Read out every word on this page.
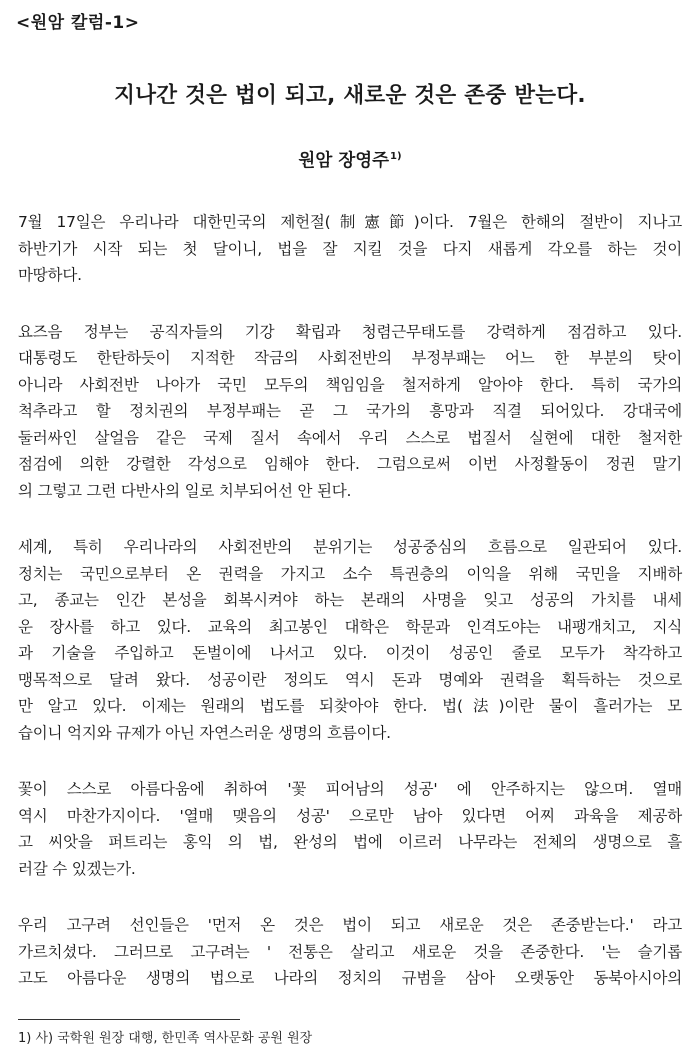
<원암 칼럼-1>
지나간 것은 법이 되고, 새로운 것은 존중 받는다.
원암 장영주$^{1)}$

7월 17일은 우리나라 대한민국의 제헌절(制憲節)이다. 7월은 한해의 절반이 지나고
하반기가 시작 되는 첫 달이니, 법을 잘 지킬 것을 다지 새롭게 각오를 하는 것이
마땅하다.

요즈음 정부는 공직자들의 기강 확립과 청렴근무태도를 강력하게 점검하고 있다.
대통령도 한탄하듯이 지적한 작금의 사회전반의 부정부패는 어느 한 부분의 탓이
아니라 사회전반 나아가 국민 모두의 책임임을 철저하게 알아야 한다. 특히 국가의
척추라고 할 정치권의 부정부패는 곧 그 국가의 흥망과 직결 되어있다. 강대국에
둘러싸인 살얼음 같은 국제 질서 속에서 우리 스스로 법질서 실현에 대한 철저한
점검에 의한 강렬한 각성으로 임해야 한다. 그럼으로써 이번 사정활동이 정권 말기
의 그렇고 그런 다반사의 일로 치부되어선 안 된다.

세계, 특히 우리나라의 사회전반의 분위기는 성공중심의 흐름으로 일관되어 있다.
정치는 국민으로부터 온 권력을 가지고 소수 특권층의 이익을 위해 국민을 지배하
고, 종교는 인간 본성을 회복시켜야 하는 본래의 사명을 잊고 성공의 가치를 내세
운 장사를 하고 있다. 교육의 최고봉인 대학은 학문과 인격도야는 내팽개치고, 지식
과 기술을 주입하고 돈벌이에 나서고 있다. 이것이 성공인 줄로 모두가 착각하고
맹목적으로 달려 왔다. 성공이란 정의도 역시 돈과 명예와 권력을 획득하는 것으로
만 알고 있다. 이제는 원래의 법도를 되찾아야 한다. 법(法)이란 물이 흘러가는 모
습이니 억지와 규제가 아닌 자연스러운 생명의 흐름이다.

꽃이 스스로 아름다움에 취하여 '꽃 피어남의 성공' 에 안주하지는 않으며. 열매
역시 마찬가지이다. '열매 맺음의 성공' 으로만 남아 있다면 어찌 과육을 제공하
고 씨앗을 퍼트리는 홍익 의 법, 완성의 법에 이르러 나무라는 전체의 생명으로 흘
러갈 수 있겠는가.

우리 고구려 선인들은 '먼저 온 것은 법이 되고 새로운 것은 존중받는다.' 라고
가르치셨다. 그러므로 고구려는 ' 전통은 살리고 새로운 것을 존중한다. '는 슬기롭
고도 아름다운 생명의 법으로 나라의 정치의 규범을 삼아 오랫동안 동북아시아의

1) 사) 국학원 원장 대행, 한민족 역사문화 공원 원장
